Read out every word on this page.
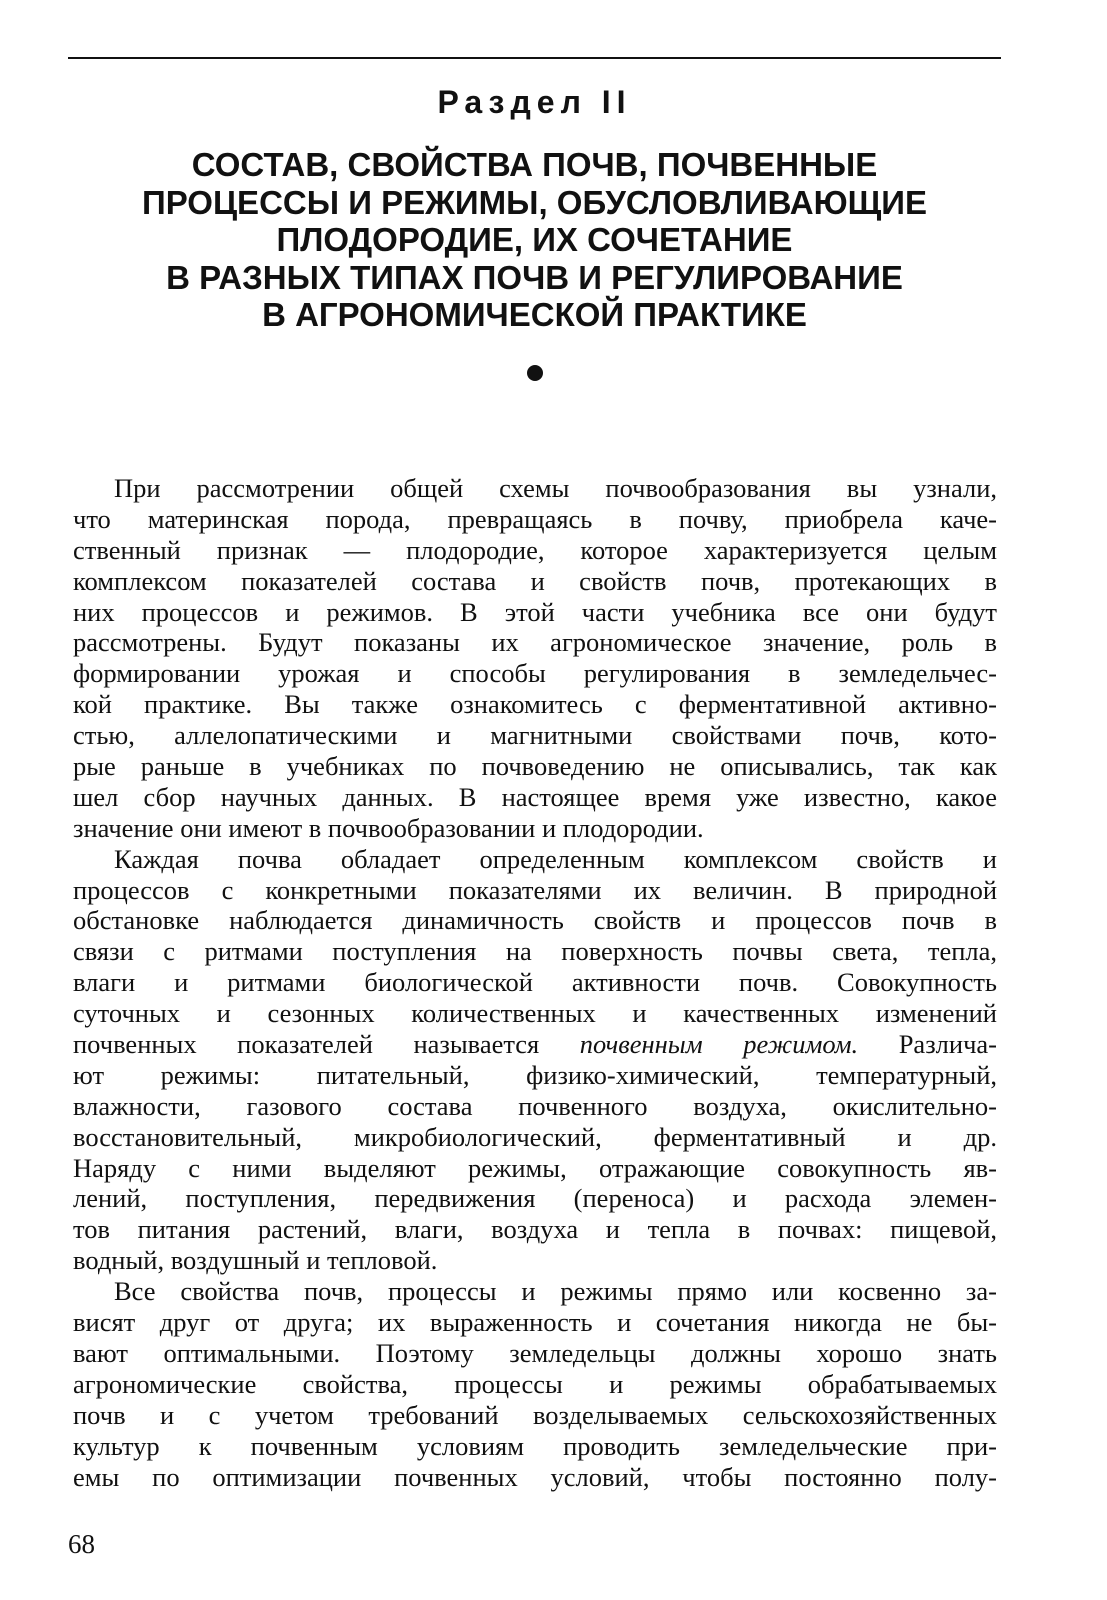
Раздел II
СОСТАВ, СВОЙСТВА ПОЧВ, ПОЧВЕННЫЕ
ПРОЦЕССЫ И РЕЖИМЫ, ОБУСЛОВЛИВАЮЩИЕ
ПЛОДОРОДИЕ, ИХ СОЧЕТАНИЕ
В РАЗНЫХ ТИПАХ ПОЧВ И РЕГУЛИРОВАНИЕ
В АГРОНОМИЧЕСКОЙ ПРАКТИКЕ
При рассмотрении общей схемы почвообразования вы узнали,
что материнская порода, превращаясь в почву, приобрела каче-
ственный признак — плодородие, которое характеризуется целым
комплексом показателей состава и свойств почв, протекающих в
них процессов и режимов. В этой части учебника все они будут
рассмотрены. Будут показаны их агрономическое значение, роль в
формировании урожая и способы регулирования в земледельчес-
кой практике. Вы также ознакомитесь с ферментативной активно-
стью, аллелопатическими и магнитными свойствами почв, кото-
рые раньше в учебниках по почвоведению не описывались, так как
шел сбор научных данных. В настоящее время уже известно, какое
значение они имеют в почвообразовании и плодородии.
Каждая почва обладает определенным комплексом свойств и
процессов с конкретными показателями их величин. В природной
обстановке наблюдается динамичность свойств и процессов почв в
связи с ритмами поступления на поверхность почвы света, тепла,
влаги и ритмами биологической активности почв. Совокупность
суточных и сезонных количественных и качественных изменений
почвенных показателей называется почвенным режимом. Различа-
ют режимы: питательный, физико-химический, температурный,
влажности, газового состава почвенного воздуха, окислительно-
восстановительный, микробиологический, ферментативный и др.
Наряду с ними выделяют режимы, отражающие совокупность яв-
лений, поступления, передвижения (переноса) и расхода элемен-
тов питания растений, влаги, воздуха и тепла в почвах: пищевой,
водный, воздушный и тепловой.
Все свойства почв, процессы и режимы прямо или косвенно за-
висят друг от друга; их выраженность и сочетания никогда не бы-
вают оптимальными. Поэтому земледельцы должны хорошо знать
агрономические свойства, процессы и режимы обрабатываемых
почв и с учетом требований возделываемых сельскохозяйственных
культур к почвенным условиям проводить земледельческие при-
емы по оптимизации почвенных условий, чтобы постоянно полу-
68
